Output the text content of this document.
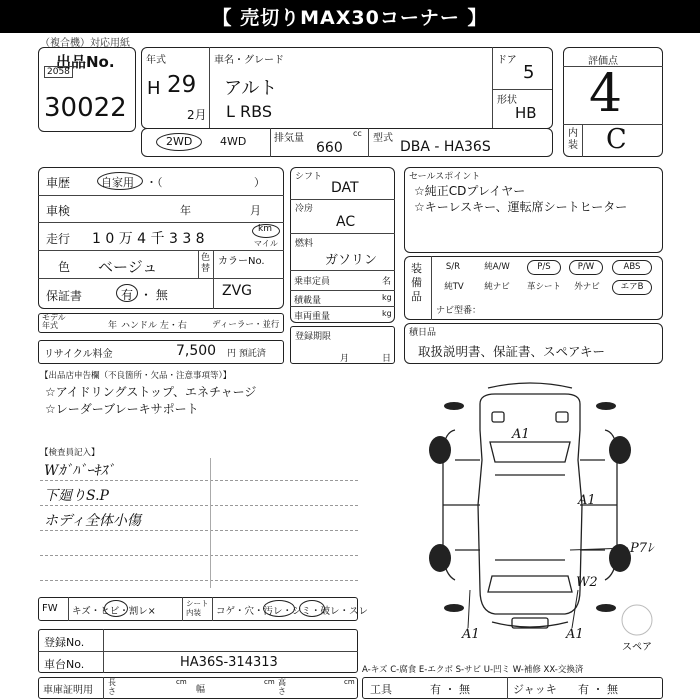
【 売切りMAX30コーナー 】
（複合機）対応用紙
出品No.
2058
30022
年式
H 29
2月
車名・グレード
アルト
L RBS
ドア
5
形状
HB
評価点
4
内装 C
2WD	4WD	排気量	cc
660
型式
DBA - HA36S
車歴	自家用 ・（	）
車検	年	月
走行 1 0 万 4 千 3 3 8
km
マイル
色 ベージュ	色替
カラーNo.
保証書	有 ・ 無	ZVG
モデル年式	年 ハンドル 左・右	ディーラー・並行
リサイクル料金	7,500 円 預託済
シフト
DAT
冷房
AC
燃料
ガソリン
乗車定員	名
積載量	kg
車両重量	kg
登録期限
月	日
セールスポイント
☆純正CDプレイヤー
☆キーレスキー、運転席シートヒーター
装備品
S/R	純A/W	P/S	P/W	ABS
純TV	純ナビ	革シート	外ナビ	エアB
ナビ型番：
積日品
取扱説明書、保証書、スペアキー
【出品店申告欄（不良箇所・欠品・注意事項等）】
☆アイドリングストップ、エネチャージ
☆レーダーブレーキサポート
【検査員記入】
Wｶﾞﾊﾞｰｷｽﾞ
下廻りS.P
ホディ全体小傷
FW キズ・ヒビ・割レ×
シート内装	コゲ・穴・汚レ・シミ・破レ・スレ
登録No.
車台No.	HA36S-314313
車庫証明用
長さ
cm
幅
cm 高さ
cm
A-キズ C-腐食 E-エクボ S-サビ U-凹ミ W-補修 XX-交換済
工具	有 ・ 無	ジャッキ 有 ・ 無
スペア
A1
A1
P7ﾚ
W2
A1	A1
